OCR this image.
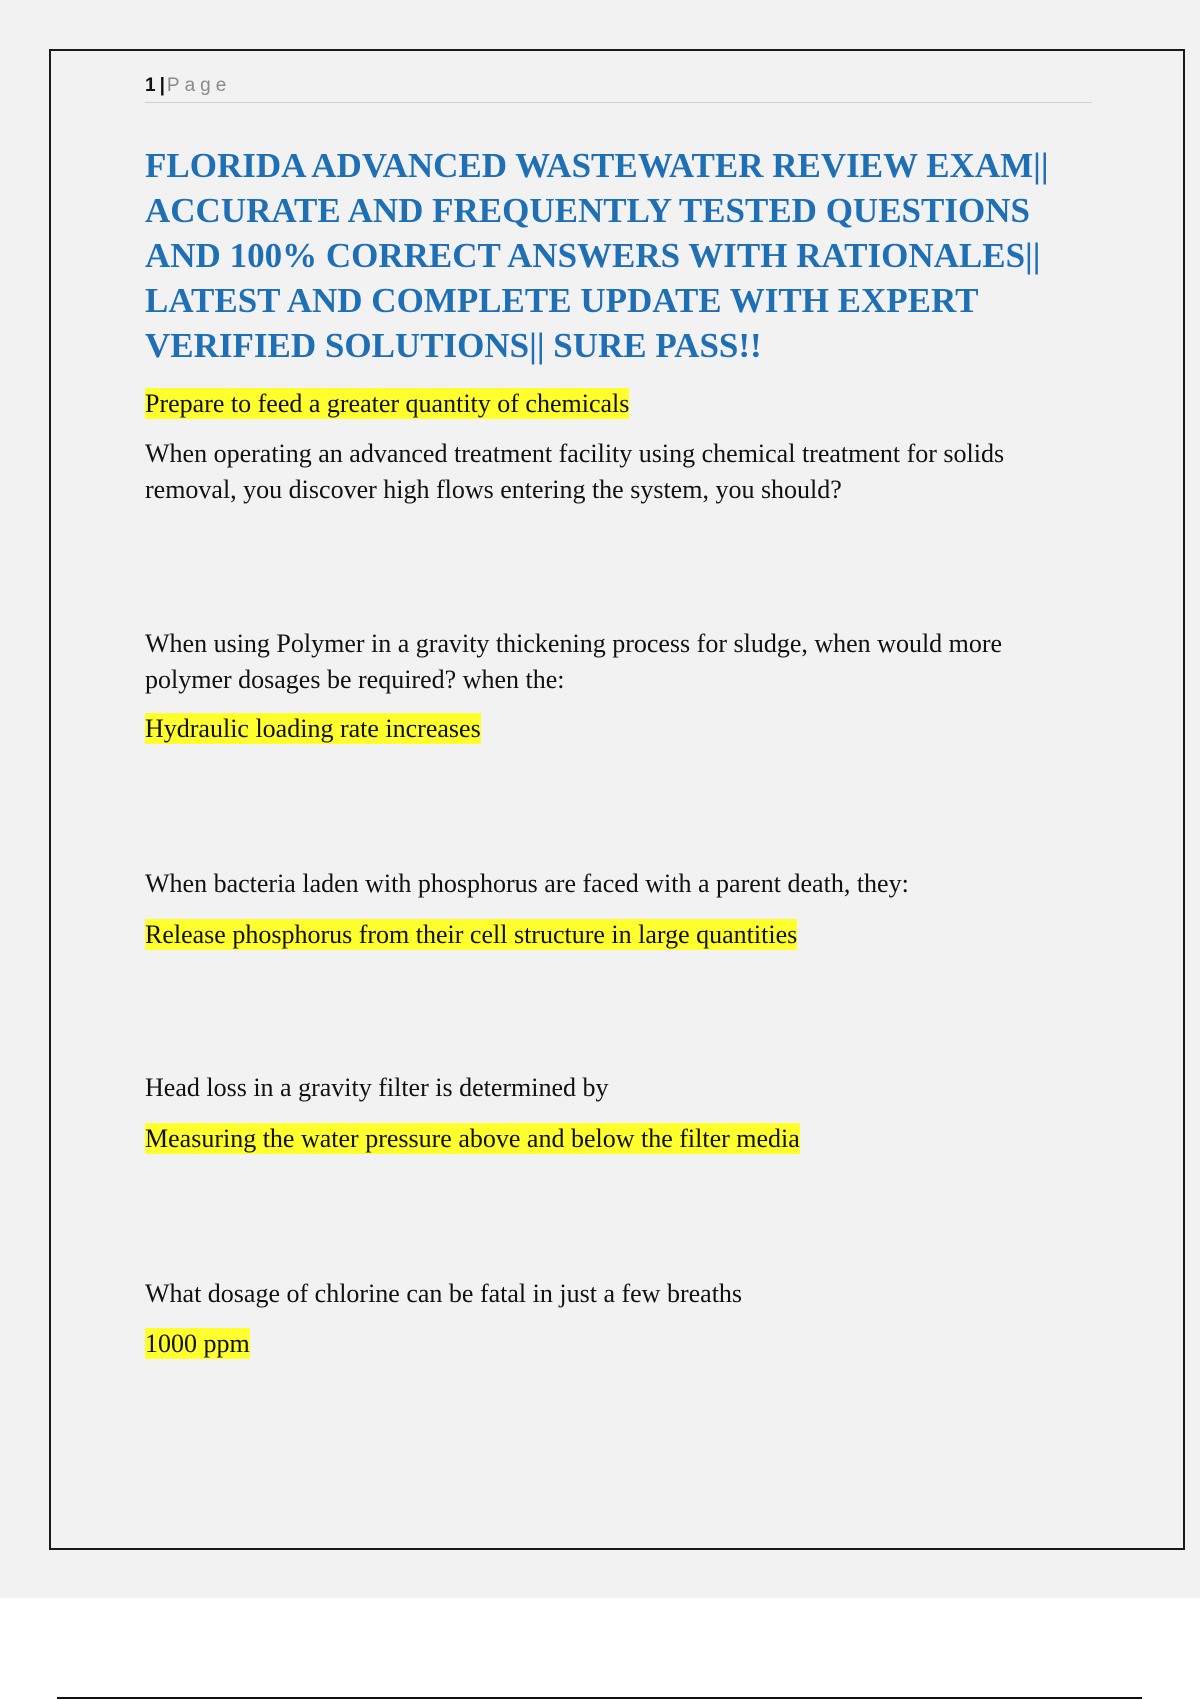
1 | Page
FLORIDA ADVANCED WASTEWATER REVIEW EXAM|| ACCURATE AND FREQUENTLY TESTED QUESTIONS AND 100% CORRECT ANSWERS WITH RATIONALES|| LATEST AND COMPLETE UPDATE WITH EXPERT VERIFIED SOLUTIONS|| SURE PASS!!

Prepare to feed a greater quantity of chemicals

When operating an advanced treatment facility using chemical treatment for solids removal, you discover high flows entering the system, you should?

When using Polymer in a gravity thickening process for sludge, when would more polymer dosages be required? when the:

Hydraulic loading rate increases

When bacteria laden with phosphorus are faced with a parent death, they:

Release phosphorus from their cell structure in large quantities

Head loss in a gravity filter is determined by

Measuring the water pressure above and below the filter media

What dosage of chlorine can be fatal in just a few breaths

1000 ppm
